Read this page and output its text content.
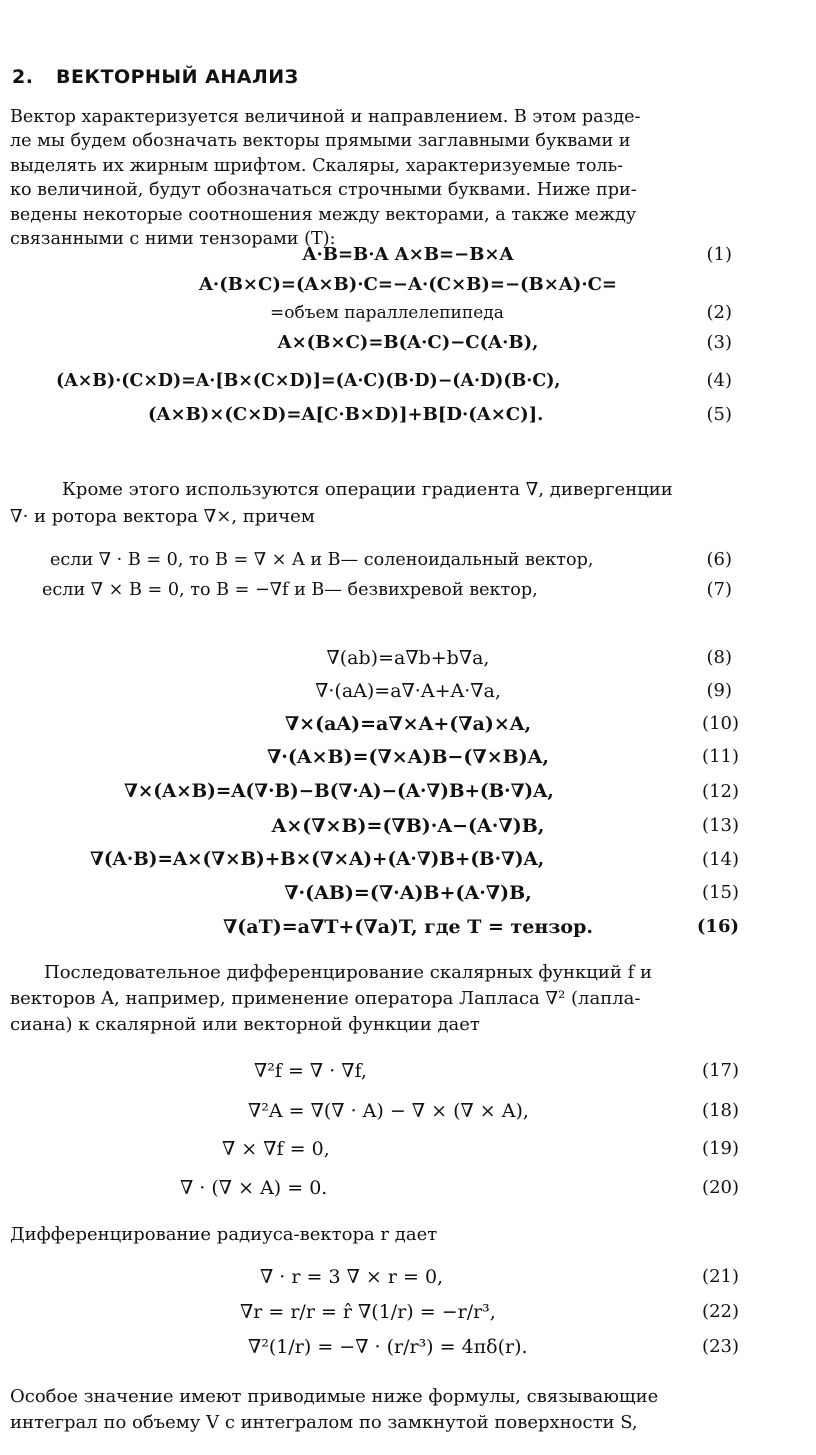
2. ВЕКТОРНЫЙ АНАЛИЗ

Вектор характеризуется величиной и направлением. В этом разде-
ле мы будем обозначать векторы прямыми заглавными буквами и
выделять их жирным шрифтом. Скаляры, характеризуемые толь-
ко величиной, будут обозначаться строчными буквами. Ниже при-
ведены некоторые соотношения между векторами, а также между
связанными с ними тензорами (T):

A·B=B·A A×B=−B×A	(1)
A·(B×C)=(A×B)·C=−A·(C×B)=−(B×A)·C=
=объем параллелепипеда	(2)
A×(B×C)=B(A·C)−C(A·B),	(3)
(A×B)·(C×D)=A·[B×(C×D)]=(A·C)(B·D)−(A·D)(B·C),	(4)
(A×B)×(C×D)=A[C·B×D)]+B[D·(A×C)].	(5)

Кроме этого используются операции градиента ∇, дивергенции
∇· и ротора вектора ∇×, причем

если ∇ · B = 0, то B = ∇ × A и B— соленоидальный вектор,	(6)
если ∇ × B = 0, то B = −∇f и B— безвихревой вектор,	(7)
∇(ab)=a∇b+b∇a,	(8)
∇·(aA)=a∇·A+A·∇a,	(9)
∇×(aA)=a∇×A+(∇a)×A,	(10)
∇·(A×B)=(∇×A)B−(∇×B)A,	(11)
∇×(A×B)=A(∇·B)−B(∇·A)−(A·∇)B+(B·∇)A,	(12)
A×(∇×B)=(∇B)·A−(A·∇)B,	(13)
∇(A·B)=A×(∇×B)+B×(∇×A)+(A·∇)B+(B·∇)A,	(14)
∇·(AB)=(∇·A)B+(A·∇)B,	(15)
∇(aT)=a∇T+(∇a)T, где T = тензор.	(16)

Последовательное дифференцирование скалярных функций f и
векторов A, например, применение оператора Лапласа ∇² (лапла-
сиана) к скалярной или векторной функции дает

∇²f = ∇ · ∇f,	(17)
∇²A = ∇(∇ · A) − ∇ × (∇ × A),	(18)
∇ × ∇f = 0,	(19)
∇ · (∇ × A) = 0.	(20)

Дифференцирование радиуса-вектора r дает

∇ · r = 3 ∇ × r = 0,	(21)
∇r = r/r = r̂ ∇(1/r) = −r/r³,	(22)
∇²(1/r) = −∇ · (r/r³) = 4πδ(r).	(23)

Особое значение имеют приводимые ниже формулы, связывающие
интеграл по объему V с интегралом по замкнутой поверхности S,
